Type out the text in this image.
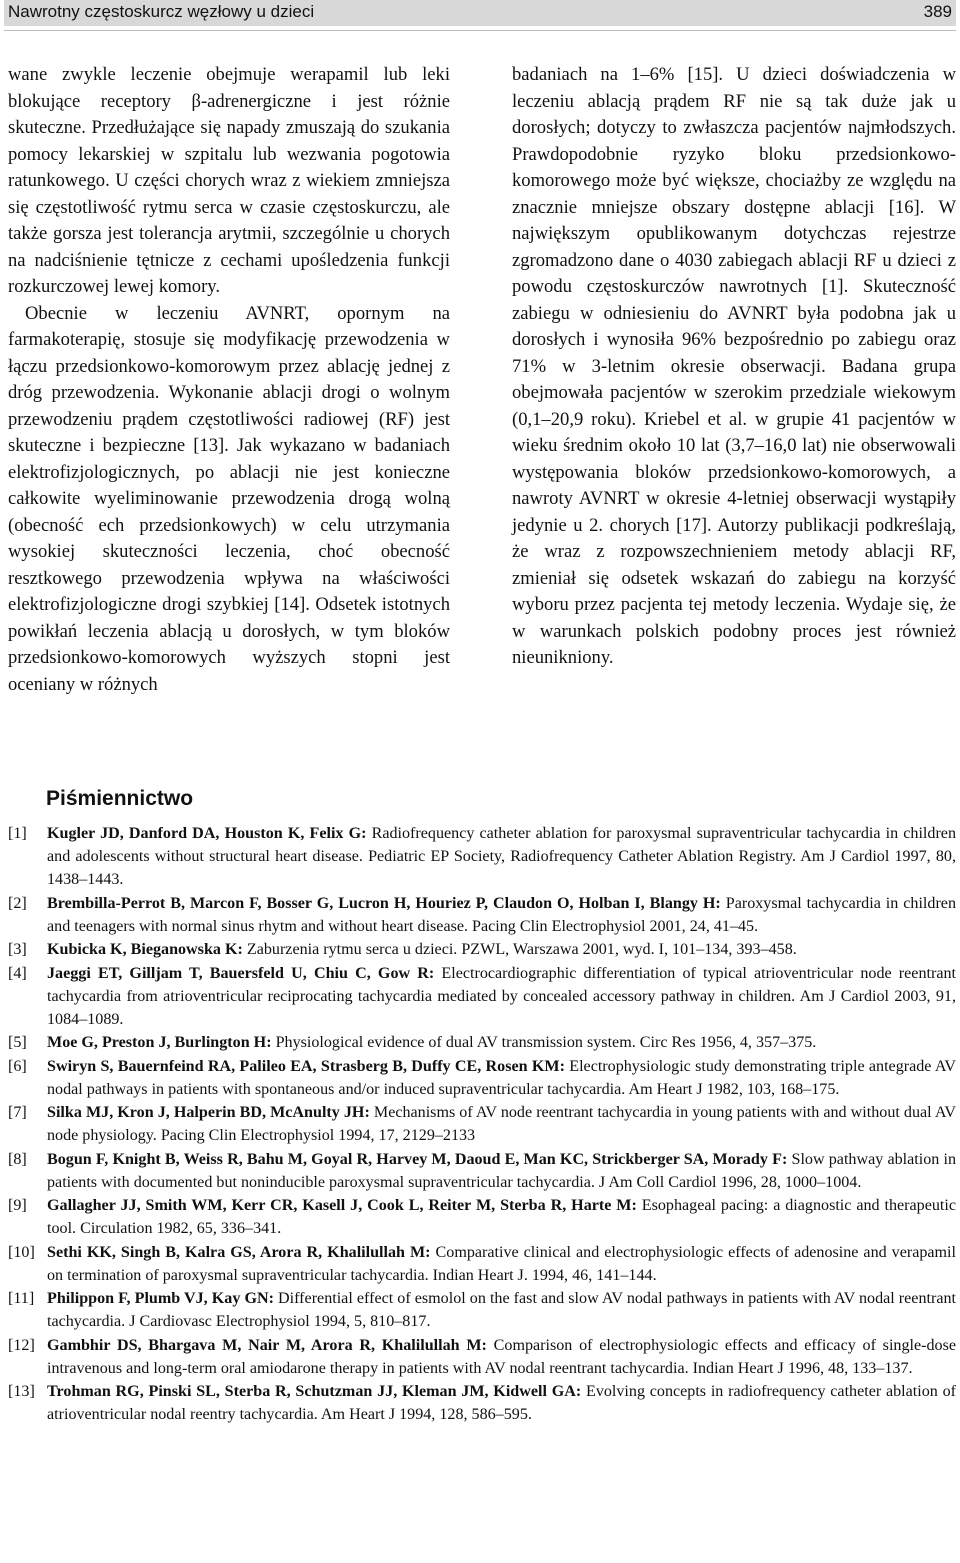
Nawrotny częstoskurcz węzłowy u dzieci	389

wane zwykle leczenie obejmuje werapamil lub leki blokujące receptory β-adrenergiczne i jest różnie skuteczne. Przedłużające się napady zmuszają do szukania pomocy lekarskiej w szpitalu lub wezwania pogotowia ratunkowego. U części chorych wraz z wiekiem zmniejsza się częstotliwość rytmu serca w czasie częstoskurczu, ale także gorsza jest tolerancja arytmii, szczególnie u chorych na nadciśnienie tętnicze z cechami upośledzenia funkcji rozkurczowej lewej komory.

Obecnie w leczeniu AVNRT, opornym na farmakoterapię, stosuje się modyfikację przewodzenia w łączu przedsionkowo-komorowym przez ablację jednej z dróg przewodzenia. Wykonanie ablacji drogi o wolnym przewodzeniu prądem częstotliwości radiowej (RF) jest skuteczne i bezpieczne [13]. Jak wykazano w badaniach elektrofizjologicznych, po ablacji nie jest konieczne całkowite wyeliminowanie przewodzenia drogą wolną (obecność ech przedsionkowych) w celu utrzymania wysokiej skuteczności leczenia, choć obecność resztkowego przewodzenia wpływa na właściwości elektrofizjologiczne drogi szybkiej [14]. Odsetek istotnych powikłań leczenia ablacją u dorosłych, w tym bloków przedsionkowo-komorowych wyższych stopni jest oceniany w różnych

badaniach na 1–6% [15]. U dzieci doświadczenia w leczeniu ablacją prądem RF nie są tak duże jak u dorosłych; dotyczy to zwłaszcza pacjentów najmłodszych. Prawdopodobnie ryzyko bloku przedsionkowo-komorowego może być większe, chociażby ze względu na znacznie mniejsze obszary dostępne ablacji [16]. W największym opublikowanym dotychczas rejestrze zgromadzono dane o 4030 zabiegach ablacji RF u dzieci z powodu częstoskurczów nawrotnych [1]. Skuteczność zabiegu w odniesieniu do AVNRT była podobna jak u dorosłych i wynosiła 96% bezpośrednio po zabiegu oraz 71% w 3-letnim okresie obserwacji. Badana grupa obejmowała pacjentów w szerokim przedziale wiekowym (0,1–20,9 roku). Kriebel et al. w grupie 41 pacjentów w wieku średnim około 10 lat (3,7–16,0 lat) nie obserwowali występowania bloków przedsionkowo-komorowych, a nawroty AVNRT w okresie 4-letniej obserwacji wystąpiły jedynie u 2. chorych [17]. Autorzy publikacji podkreślają, że wraz z rozpowszechnieniem metody ablacji RF, zmieniał się odsetek wskazań do zabiegu na korzyść wyboru przez pacjenta tej metody leczenia. Wydaje się, że w warunkach polskich podobny proces jest również nieunikniony.

Piśmiennictwo
[1] Kugler JD, Danford DA, Houston K, Felix G: Radiofrequency catheter ablation for paroxysmal supraventricular tachycardia in children and adolescents without structural heart disease. Pediatric EP Society, Radiofrequency Catheter Ablation Registry. Am J Cardiol 1997, 80, 1438–1443.
[2] Brembilla-Perrot B, Marcon F, Bosser G, Lucron H, Houriez P, Claudon O, Holban I, Blangy H: Paroxysmal tachycardia in children and teenagers with normal sinus rhytm and without heart disease. Pacing Clin Electrophysiol 2001, 24, 41–45.
[3] Kubicka K, Bieganowska K: Zaburzenia rytmu serca u dzieci. PZWL, Warszawa 2001, wyd. I, 101–134, 393–458.
[4] Jaeggi ET, Gilljam T, Bauersfeld U, Chiu C, Gow R: Electrocardiographic differentiation of typical atrioventricular node reentrant tachycardia from atrioventricular reciprocating tachycardia mediated by concealed accessory pathway in children. Am J Cardiol 2003, 91, 1084–1089.
[5] Moe G, Preston J, Burlington H: Physiological evidence of dual AV transmission system. Circ Res 1956, 4, 357–375.
[6] Swiryn S, Bauernfeind RA, Palileo EA, Strasberg B, Duffy CE, Rosen KM: Electrophysiologic study demonstrating triple antegrade AV nodal pathways in patients with spontaneous and/or induced supraventricular tachycardia. Am Heart J 1982, 103, 168–175.
[7] Silka MJ, Kron J, Halperin BD, McAnulty JH: Mechanisms of AV node reentrant tachycardia in young patients with and without dual AV node physiology. Pacing Clin Electrophysiol 1994, 17, 2129–2133
[8] Bogun F, Knight B, Weiss R, Bahu M, Goyal R, Harvey M, Daoud E, Man KC, Strickberger SA, Morady F: Slow pathway ablation in patients with documented but noninducible paroxysmal supraventricular tachycardia. J Am Coll Cardiol 1996, 28, 1000–1004.
[9] Gallagher JJ, Smith WM, Kerr CR, Kasell J, Cook L, Reiter M, Sterba R, Harte M: Esophageal pacing: a diagnostic and therapeutic tool. Circulation 1982, 65, 336–341.
[10] Sethi KK, Singh B, Kalra GS, Arora R, Khalilullah M: Comparative clinical and electrophysiologic effects of adenosine and verapamil on termination of paroxysmal supraventricular tachycardia. Indian Heart J. 1994, 46, 141–144.
[11] Philippon F, Plumb VJ, Kay GN: Differential effect of esmolol on the fast and slow AV nodal pathways in patients with AV nodal reentrant tachycardia. J Cardiovasc Electrophysiol 1994, 5, 810–817.
[12] Gambhir DS, Bhargava M, Nair M, Arora R, Khalilullah M: Comparison of electrophysiologic effects and efficacy of single-dose intravenous and long-term oral amiodarone therapy in patients with AV nodal reentrant tachycardia. Indian Heart J 1996, 48, 133–137.
[13] Trohman RG, Pinski SL, Sterba R, Schutzman JJ, Kleman JM, Kidwell GA: Evolving concepts in radiofrequency catheter ablation of atrioventricular nodal reentry tachycardia. Am Heart J 1994, 128, 586–595.
